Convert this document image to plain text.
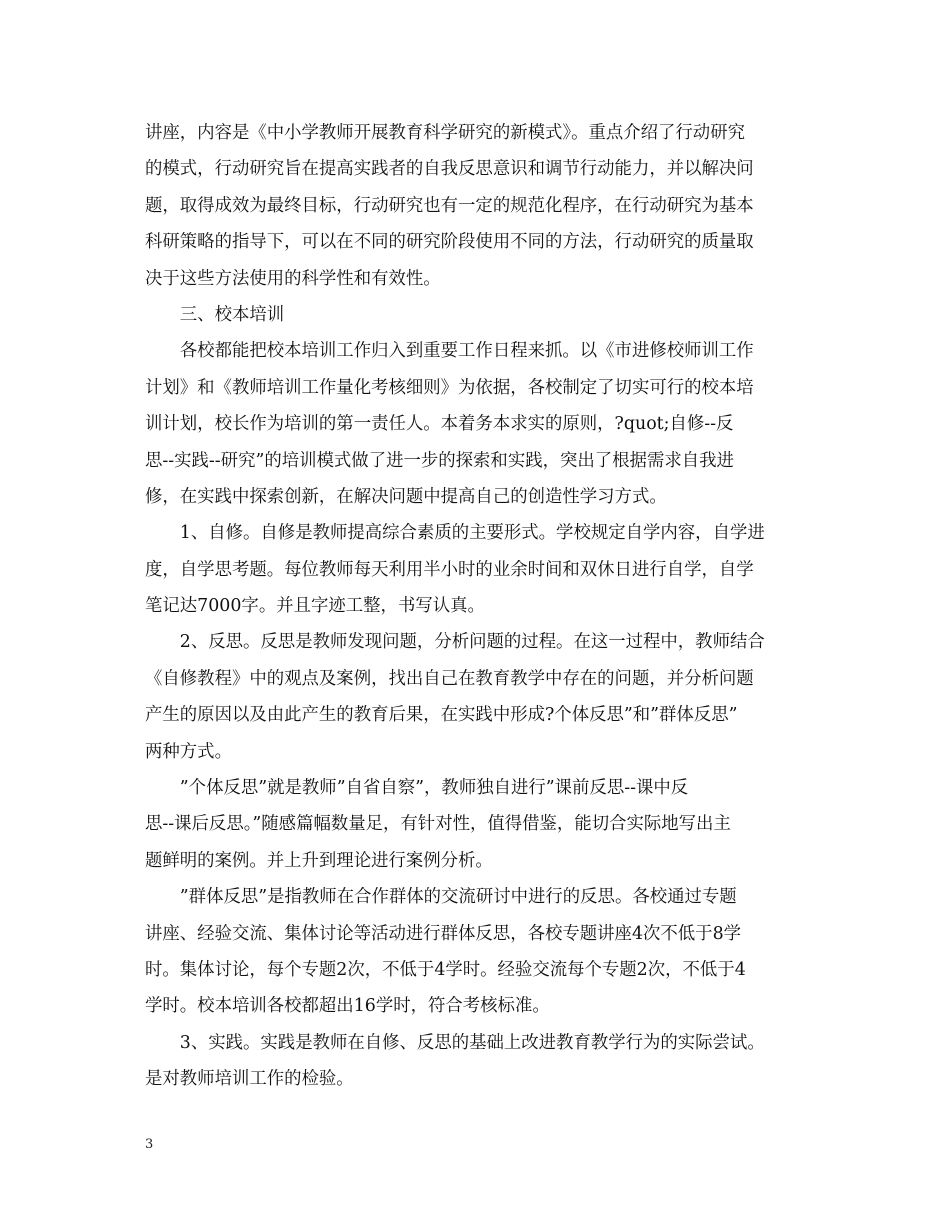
讲座，内容是《中小学教师开展教育科学研究的新模式》。重点介绍了行动研究
的模式，行动研究旨在提高实践者的自我反思意识和调节行动能力，并以解决问
题，取得成效为最终目标，行动研究也有一定的规范化程序，在行动研究为基本
科研策略的指导下，可以在不同的研究阶段使用不同的方法，行动研究的质量取
决于这些方法使用的科学性和有效性。
　　三、校本培训
　　各校都能把校本培训工作归入到重要工作日程来抓。以《市进修校师训工作
计划》和《教师培训工作量化考核细则》为依据，各校制定了切实可行的校本培
训计划，校长作为培训的第一责任人。本着务本求实的原则，?quot;自修--反
思--实践--研究”的培训模式做了进一步的探索和实践，突出了根据需求自我进
修，在实践中探索创新，在解决问题中提高自己的创造性学习方式。
　　1、自修。自修是教师提高综合素质的主要形式。学校规定自学内容，自学进
度，自学思考题。每位教师每天利用半小时的业余时间和双休日进行自学，自学
笔记达7000字。并且字迹工整，书写认真。
　　2、反思。反思是教师发现问题，分析问题的过程。在这一过程中，教师结合
《自修教程》中的观点及案例，找出自己在教育教学中存在的问题，并分析问题
产生的原因以及由此产生的教育后果，在实践中形成?个体反思”和”群体反思”
两种方式。
　　”个体反思”就是教师”自省自察”，教师独自进行”课前反思--课中反
思--课后反思。”随感篇幅数量足，有针对性，值得借鉴，能切合实际地写出主
题鲜明的案例。并上升到理论进行案例分析。
　　”群体反思”是指教师在合作群体的交流研讨中进行的反思。各校通过专题
讲座、经验交流、集体讨论等活动进行群体反思，各校专题讲座4次不低于8学
时。集体讨论，每个专题2次，不低于4学时。经验交流每个专题2次，不低于4
学时。校本培训各校都超出16学时，符合考核标准。
　　3、实践。实践是教师在自修、反思的基础上改进教育教学行为的实际尝试。
是对教师培训工作的检验。
3
